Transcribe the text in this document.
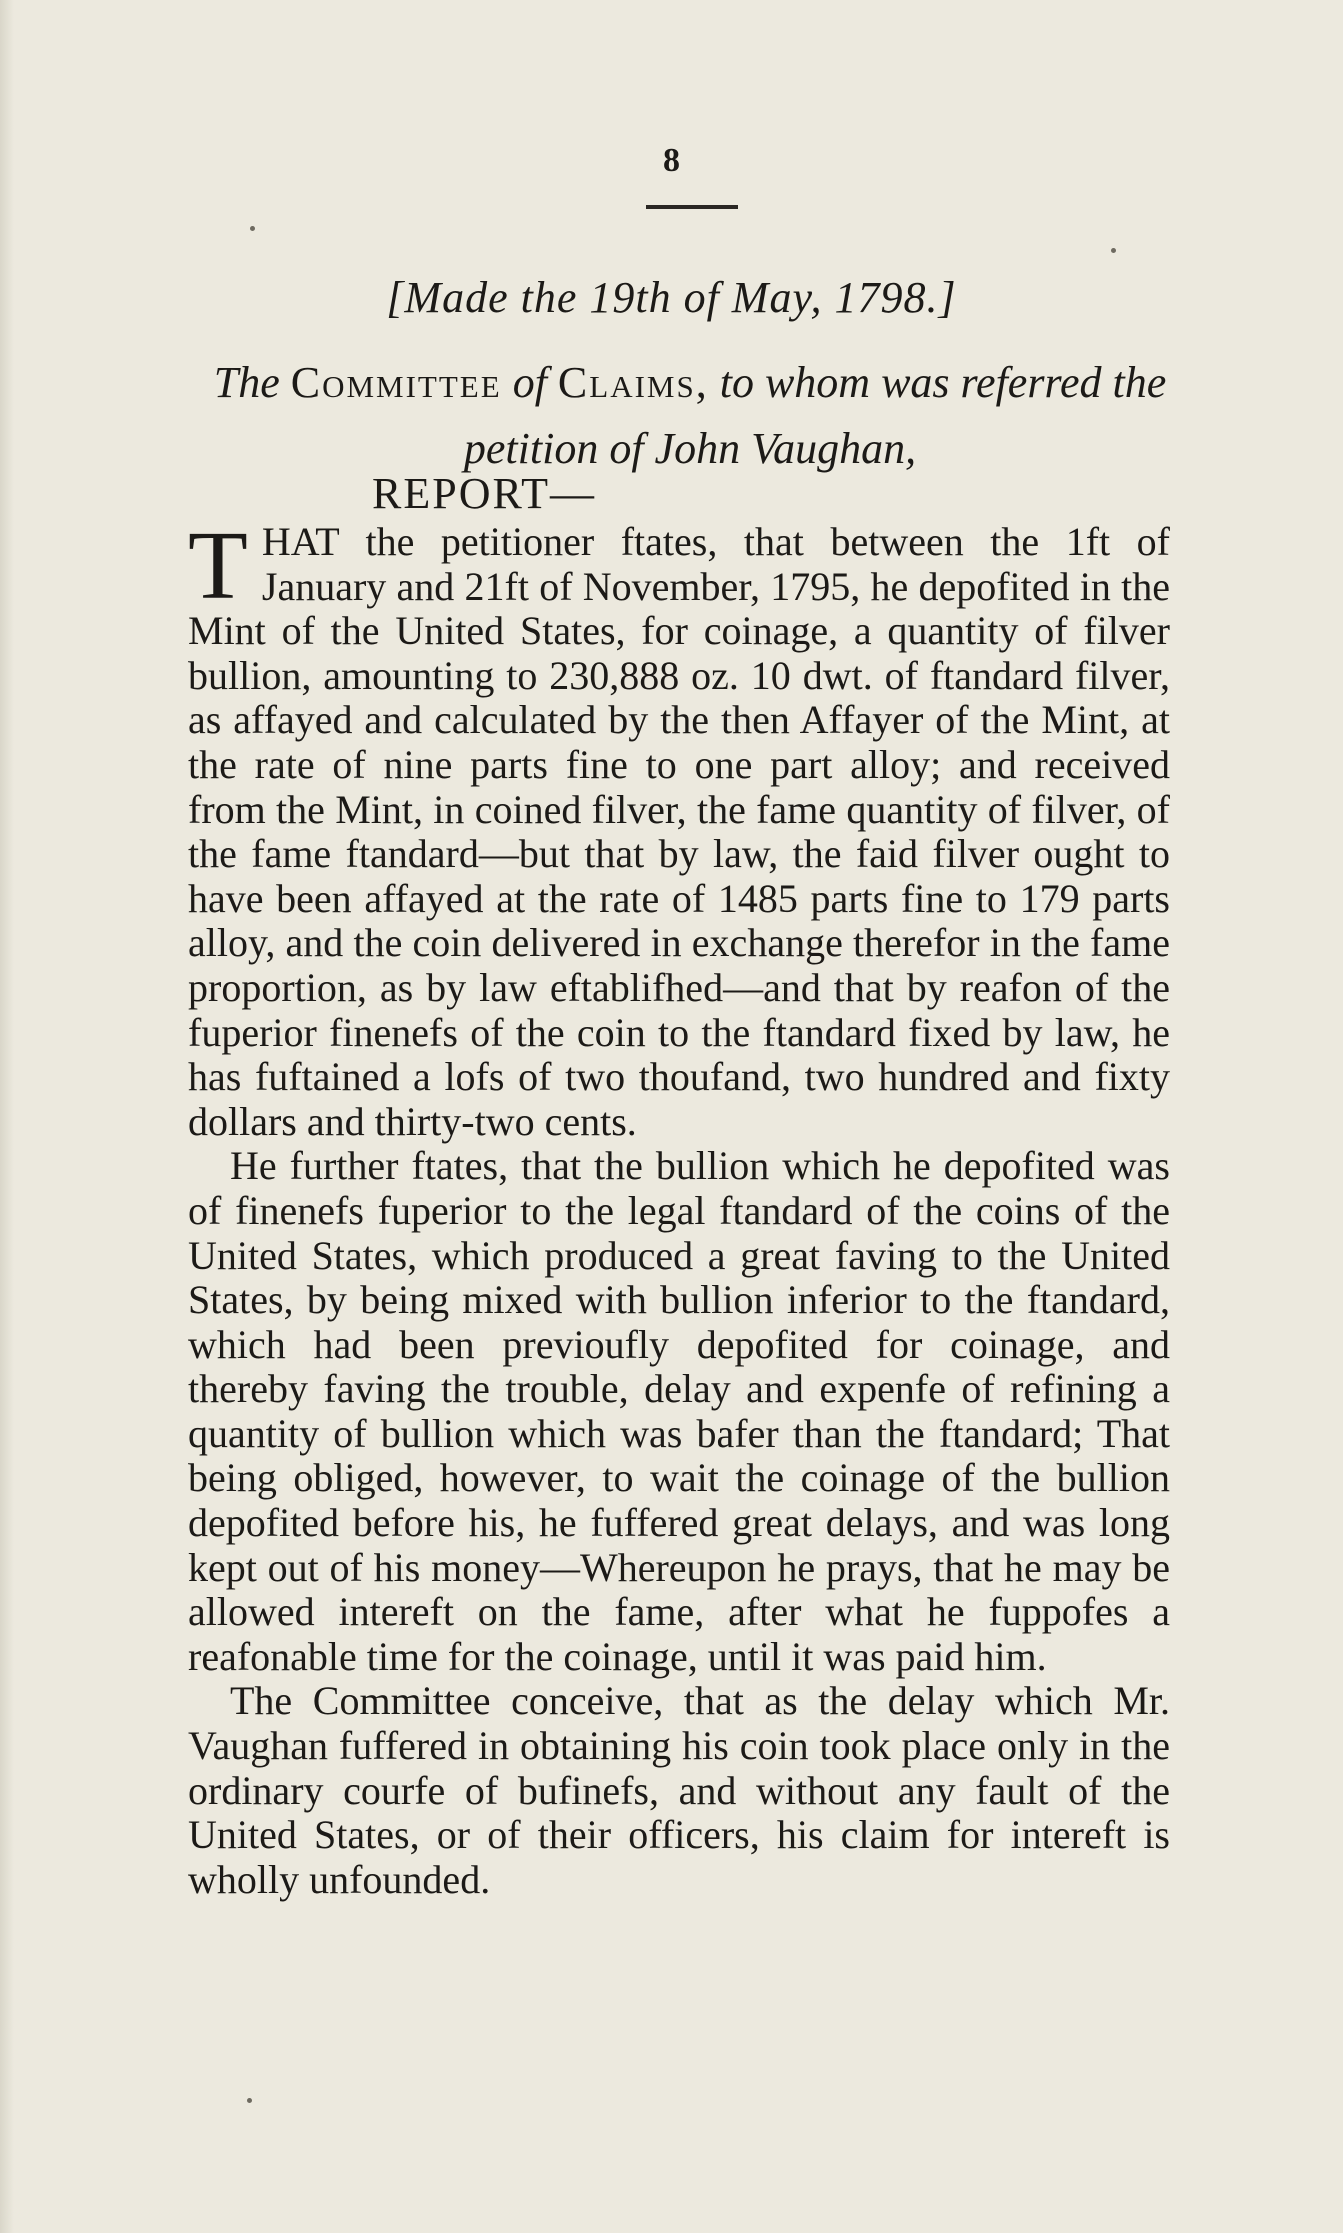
8
[Made the 19th of May, 1798.]
The Committee of Claims, to whom was referred the petition of John Vaughan,
REPORT—

THAT the petitioner ftates, that between the 1ft of January and 21ft of November, 1795, he depofited in the Mint of the United States, for coinage, a quantity of filver bullion, amounting to 230,888 oz. 10 dwt. of ftandard filver, as affayed and calculated by the then Affayer of the Mint, at the rate of nine parts fine to one part alloy; and received from the Mint, in coined filver, the fame quantity of filver, of the fame ftandard—but that by law, the faid filver ought to have been affayed at the rate of 1485 parts fine to 179 parts alloy, and the coin delivered in exchange therefor in the fame proportion, as by law eftablifhed—and that by reafon of the fuperior finenefs of the coin to the ftandard fixed by law, he has fuftained a lofs of two thoufand, two hundred and fixty dollars and thirty-two cents.

He further ftates, that the bullion which he depofited was of finenefs fuperior to the legal ftandard of the coins of the United States, which produced a great faving to the United States, by being mixed with bullion inferior to the ftandard, which had been previoufly depofited for coinage, and thereby faving the trouble, delay and expenfe of refining a quantity of bullion which was bafer than the ftandard; That being obliged, however, to wait the coinage of the bullion depofited before his, he fuffered great delays, and was long kept out of his money—Whereupon he prays, that he may be allowed intereft on the fame, after what he fuppofes a reafonable time for the coinage, until it was paid him.

The Committee conceive, that as the delay which Mr. Vaughan fuffered in obtaining his coin took place only in the ordinary courfe of bufinefs, and without any fault of the United States, or of their officers, his claim for intereft is wholly unfounded.
